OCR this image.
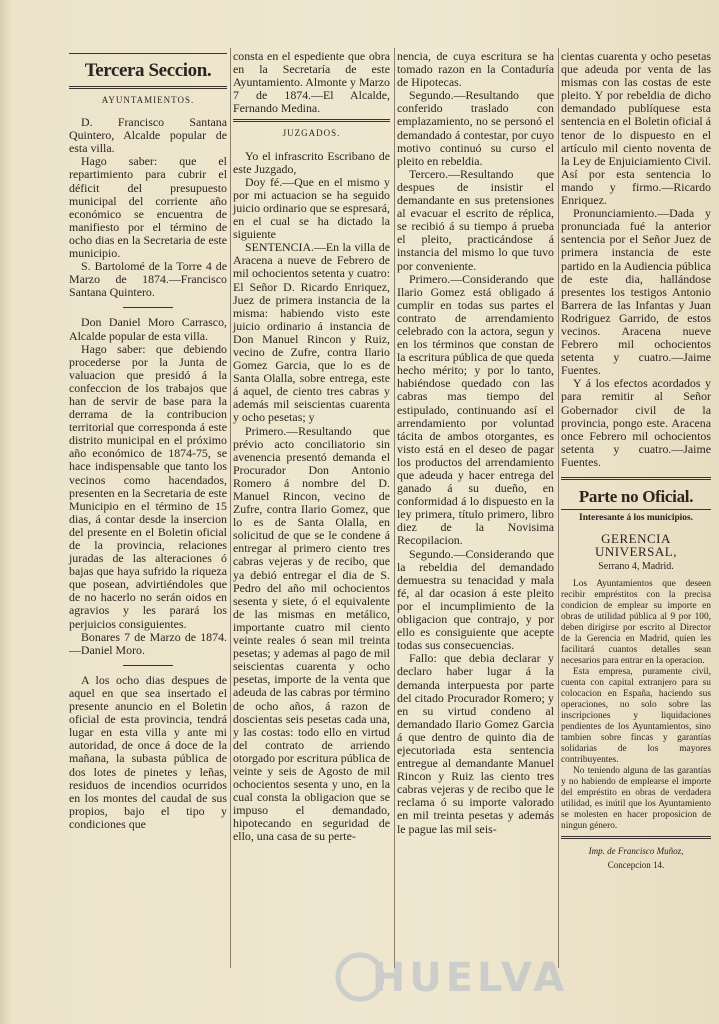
Tercera Seccion.
AYUNTAMIENTOS.

D. Francisco Santana Quintero, Alcalde popular de esta villa.

Hago saber: que el repartimiento para cubrir el déficit del presupuesto municipal del corriente año económico se encuentra de manifiesto por el término de ocho dias en la Secretaria de este municipio.

S. Bartolomé de la Torre 4 de Marzo de 1874.—Francisco Santana Quintero.

Don Daniel Moro Carrasco, Alcalde popular de esta villa.

Hago saber: que debiendo procederse por la Junta de valuacion que presidó á la confeccion de los trabajos que han de servir de base para la derrama de la contribucion territorial que corresponda á este distrito municipal en el próximo año económico de 1874-75, se hace indispensable que tanto los vecinos como hacendados, presenten en la Secretaria de este Municipio en el término de 15 dias, á contar desde la insercion del presente en el Boletin oficial de la provincia, relaciones juradas de las alteraciones ó bajas que haya sufrido la riqueza que posean, advirtiéndoles que de no hacerlo no serán oidos en agravios y les parará los perjuicios consiguientes.

Bonares 7 de Marzo de 1874.—Daniel Moro.

A los ocho dias despues de aquel en que sea insertado el presente anuncio en el Boletin oficial de esta provincia, tendrá lugar en esta villa y ante mi autoridad, de once á doce de la mañana, la subasta pública de dos lotes de pinetes y leñas, residuos de incendios ocurridos en los montes del caudal de sus propios, bajo el tipo y condiciones que

consta en el espediente que obra en la Secretaría de este Ayuntamiento. Almonte y Marzo 7 de 1874.—El Alcalde, Fernando Medina.

JUZGADOS.

Yo el infrascrito Escribano de este Juzgado,

Doy fé.—Que en el mismo y por mi actuacion se ha seguido juicio ordinario que se espresará, en el cual se ha dictado la siguiente

SENTENCIA.—En la villa de Aracena a nueve de Febrero de mil ochocientos setenta y cuatro: El Señor D. Ricardo Enriquez, Juez de primera instancia de la misma: habiendo visto este juicio ordinario á instancia de Don Manuel Rincon y Ruiz, vecino de Zufre, contra Ilario Gomez Garcia, que lo es de Santa Olalla, sobre entrega, este á aquel, de ciento tres cabras y además mil seiscientas cuarenta y ocho pesetas; y

Primero.—Resultando que prévio acto conciliatorio sin avenencia presentó demanda el Procurador Don Antonio Romero á nombre del D. Manuel Rincon, vecino de Zufre, contra Ilario Gomez, que lo es de Santa Olalla, en solicitud de que se le condene á entregar al primero ciento tres cabras vejeras y de recibo, que ya debió entregar el dia de S. Pedro del año mil ochocientos sesenta y siete, ó el equivalente de las mismas en metálico, importante cuatro mil ciento veinte reales ó sean mil treinta pesetas; y ademas al pago de mil seiscientas cuarenta y ocho pesetas, importe de la venta que adeuda de las cabras por término de ocho años, á razon de doscientas seis pesetas cada una, y las costas: todo ello en virtud del contrato de arriendo otorgado por escritura pública de veinte y seis de Agosto de mil ochocientos sesenta y uno, en la cual consta la obligacion que se impuso el demandado, hipotecando en seguridad de ello, una casa de su perte-

nencia, de cuya escritura se ha tomado razon en la Contaduría de Hipotecas.

Segundo.—Resultando que conferido traslado con emplazamiento, no se personó el demandado á contestar, por cuyo motivo continuó su curso el pleito en rebeldia.

Tercero.—Resultando que despues de insistir el demandante en sus pretensiones al evacuar el escrito de réplica, se recibió á su tiempo á prueba el pleito, practicándose á instancia del mismo lo que tuvo por conveniente.

Primero.—Considerando que Ilario Gomez está obligado á cumplir en todas sus partes el contrato de arrendamiento celebrado con la actora, segun y en los términos que constan de la escritura pública de que queda hecho mérito; y por lo tanto, habiéndose quedado con las cabras mas tiempo del estipulado, continuando así el arrendamiento por voluntad tácita de ambos otorgantes, es visto está en el deseo de pagar los productos del arrendamiento que adeuda y hacer entrega del ganado á su dueño, en conformidad á lo dispuesto en la ley primera, título primero, libro diez de la Novisima Recopilacion.

Segundo.—Considerando que la rebeldia del demandado demuestra su tenacidad y mala fé, al dar ocasion á este pleito por el incumplimiento de la obligacion que contrajo, y por ello es consiguiente que acepte todas sus consecuencias.

Fallo: que debia declarar y declaro haber lugar á la demanda interpuesta por parte del citado Procurador Romero; y en su virtud condeno al demandado Ilario Gomez Garcia á que dentro de quinto dia de ejecutoriada esta sentencia entregue al demandante Manuel Rincon y Ruiz las ciento tres cabras vejeras y de recibo que le reclama ó su importe valorado en mil treinta pesetas y además le pague las mil seis-

cientas cuarenta y ocho pesetas que adeuda por venta de las mismas con las costas de este pleito. Y por rebeldia de dicho demandado publíquese esta sentencia en el Boletin oficial á tenor de lo dispuesto en el artículo mil ciento noventa de la Ley de Enjuiciamiento Civil. Así por esta sentencia lo mando y firmo.—Ricardo Enriquez.

Pronunciamiento.—Dada y pronunciada fué la anterior sentencia por el Señor Juez de primera instancia de este partido en la Audiencia pública de este dia, hallándose presentes los testigos Antonio Barrera de las Infantas y Juan Rodriguez Garrido, de estos vecinos. Aracena nueve Febrero mil ochocientos setenta y cuatro.—Jaime Fuentes.

Y á los efectos acordados y para remitir al Señor Gobernador civil de la provincia, pongo este. Aracena once Febrero mil ochocientos setenta y cuatro.—Jaime Fuentes.

Parte no Oficial.
Interesante á los municipios.
GERENCIA UNIVERSAL,
Serrano 4, Madrid.

Los Ayuntamientos que deseen recibir empréstitos con la precisa condicion de emplear su importe en obras de utilidad pública al 9 por 100, deben dirigirse por escrito al Director de la Gerencia en Madrid, quien les facilitará cuantos detalles sean necesarios para entrar en la operacion.

Esta empresa, puramente civil, cuenta con capital extranjero para su colocacion en España, haciendo sus operaciones, no solo sobre las inscripciones y liquidaciones pendientes de los Ayuntamientos, sino tambien sobre fincas y garantías solidarias de los mayores contribuyentes.

No teniendo alguna de las garantías y no habiendo de emplearse el importe del empréstito en obras de verdadera utilidad, es inútil que los Ayuntamiento se molesten en hacer proposicion de ningun género.

Imp. de Francisco Muñoz,
Concepcion 14.
HUELVA
